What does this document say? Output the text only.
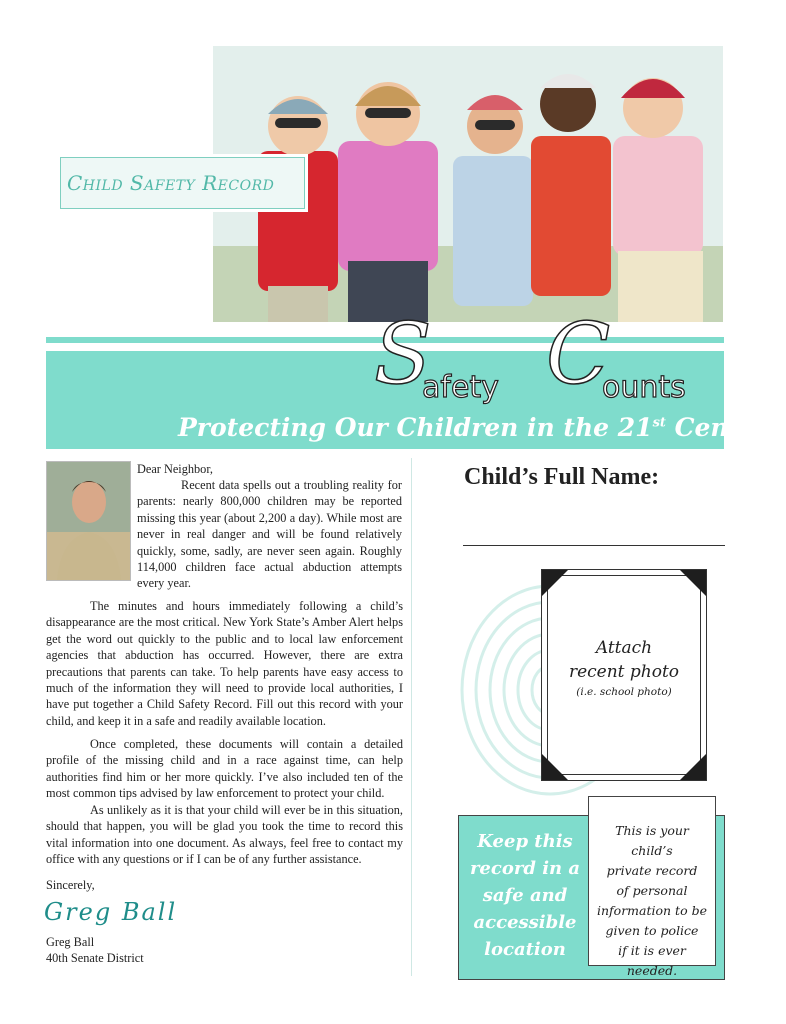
Child Safety Record
S
afety C
ounts
Protecting Our Children in the 21st Century
Dear Neighbor,
Recent data spells out a troubling reality for parents: nearly 800,000 children may be reported missing this year (about 2,200 a day). While most are never in real danger and will be found relatively quickly, some, sadly, are never seen again. Roughly 114,000 children face actual abduction attempts every year.
The minutes and hours immediately following a child’s disappearance are the most critical. New York State’s Amber Alert helps get the word out quickly to the public and to local law enforcement agencies that abduction has occurred. However, there are extra precautions that parents can take. To help parents have easy access to much of the information they will need to provide local authorities, I have put together a Child Safety Record. Fill out this record with your child, and keep it in a safe and readily available location.
Once completed, these documents will contain a detailed profile of the missing child and in a race against time, can help authorities find him or her more quickly. I’ve also included ten of the most common tips advised by law enforcement to protect your child.
As unlikely as it is that your child will ever be in this situation, should that happen, you will be glad you took the time to record this vital information into one document. As always, feel free to contact my office with any questions or if I can be of any further assistance.
Sincerely,
Greg Ball
Greg Ball
40th Senate District
Child’s Full Name:
Attach
recent photo
(i.e. school photo)
Keep this
record in a
safe and
accessible
location
This is your child’s
private record
of personal
information to be
given to police
if it is ever needed.
